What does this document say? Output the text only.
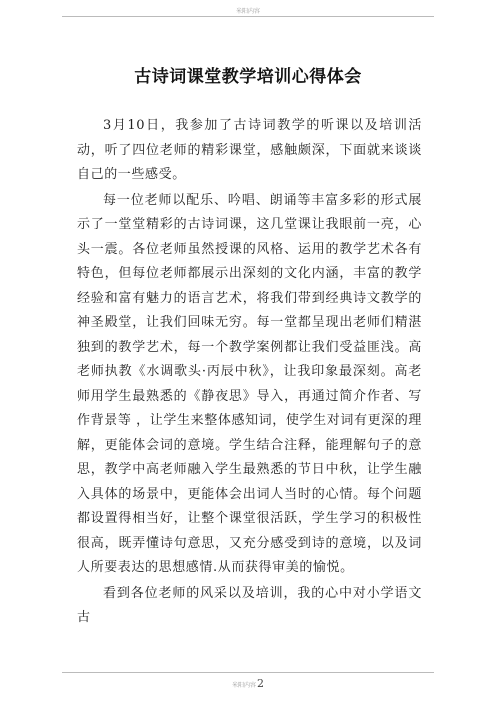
米阳内容
古诗词课堂教学培训心得体会

3月10日，我参加了古诗词教学的听课以及培训活动，听了四位老师的精彩课堂，感触颇深，下面就来谈谈自己的一些感受。

每一位老师以配乐、吟唱、朗诵等丰富多彩的形式展示了一堂堂精彩的古诗词课，这几堂课让我眼前一亮，心头一震。各位老师虽然授课的风格、运用的教学艺术各有特色，但每位老师都展示出深刻的文化内涵，丰富的教学经验和富有魅力的语言艺术，将我们带到经典诗文教学的神圣殿堂，让我们回味无穷。每一堂都呈现出老师们精湛独到的教学艺术，每一个教学案例都让我们受益匪浅。高老师执教《水调歌头·丙辰中秋》，让我印象最深刻。高老师用学生最熟悉的《静夜思》导入，再通过简介作者、写作背景等 ，让学生来整体感知词，使学生对词有更深的理解，更能体会词的意境。学生结合注释，能理解句子的意思，教学中高老师融入学生最熟悉的节日中秋，让学生融入具体的场景中，更能体会出词人当时的心情。每个问题都设置得相当好，让整个课堂很活跃，学生学习的积极性很高，既弄懂诗句意思，又充分感受到诗的意境，以及词人所要表达的思想感情.从而获得审美的愉悦。

看到各位老师的风采以及培训，我的心中对小学语文古

米阳内容2
